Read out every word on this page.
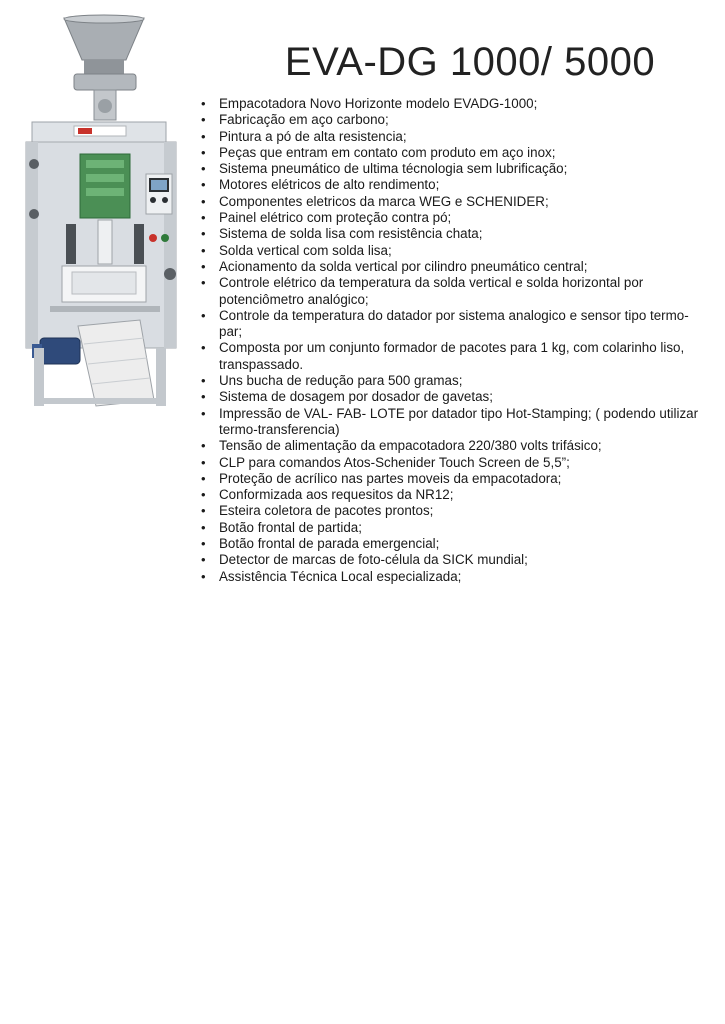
EVA-DG 1000/ 5000
• Empacotadora Novo Horizonte modelo EVADG-1000;
• Fabricação em aço carbono;
• Pintura a pó de alta resistencia;
• Peças que entram em contato com produto em aço inox;
• Sistema pneumático de ultima técnologia sem lubrificação;
• Motores elétricos de alto rendimento;
• Componentes eletricos da marca WEG e SCHENIDER;
• Painel elétrico com proteção contra pó;
• Sistema de solda lisa com resistência chata;
• Solda vertical com solda lisa;
• Acionamento da solda vertical por cilindro pneumático central;
• Controle elétrico da temperatura da solda vertical e solda horizontal por potenciômetro analógico;
• Controle da temperatura do datador por sistema analogico e sensor tipo termo-par;
• Composta por um conjunto formador de pacotes para 1 kg, com colarinho liso, transpassado.
• Uns bucha de redução para 500 gramas;
• Sistema de dosagem por dosador de gavetas;
• Impressão de VAL- FAB- LOTE por datador tipo Hot-Stamping; ( podendo utilizar termo-transferencia)
• Tensão de alimentação da empacotadora 220/380 volts trifásico;
• CLP para comandos Atos-Schenider Touch Screen de 5,5”;
• Proteção de acrílico nas partes moveis da empacotadora;
• Conformizada aos requesitos da NR12;
• Esteira coletora de pacotes prontos;
• Botão frontal de partida;
• Botão frontal de parada emergencial;
• Detector de marcas de foto-célula da SICK mundial;
• Assistência Técnica Local especializada;
